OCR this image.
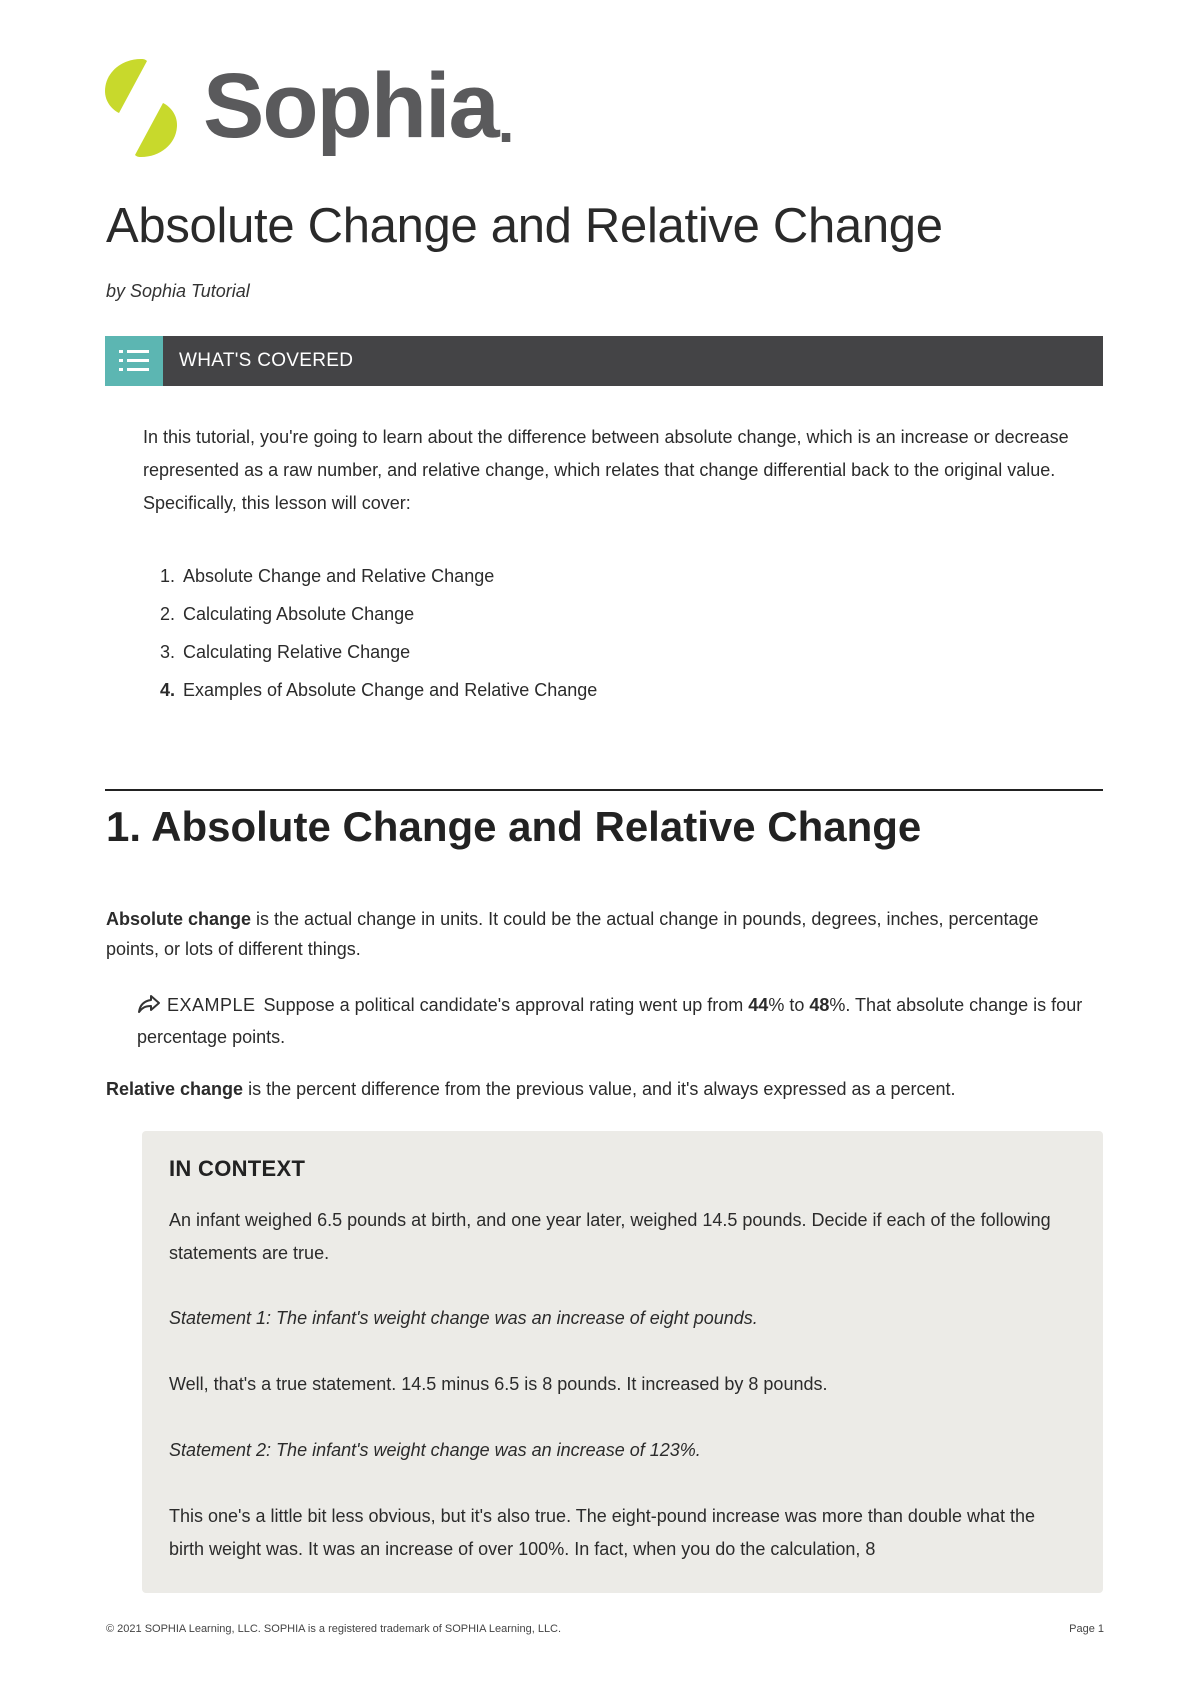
Sophia .
Absolute Change and Relative Change
by Sophia Tutorial
WHAT'S COVERED

In this tutorial, you're going to learn about the difference between absolute change, which is an increase or decrease represented as a raw number, and relative change, which relates that change differential back to the original value. Specifically, this lesson will cover:

1. Absolute Change and Relative Change
2. Calculating Absolute Change
3. Calculating Relative Change
4. Examples of Absolute Change and Relative Change
1. Absolute Change and Relative Change

Absolute change is the actual change in units. It could be the actual change in pounds, degrees, inches, percentage points, or lots of different things.

EXAMPLE Suppose a political candidate's approval rating went up from 44% to 48%. That absolute change is four percentage points.

Relative change is the percent difference from the previous value, and it's always expressed as a percent.

IN CONTEXT

An infant weighed 6.5 pounds at birth, and one year later, weighed 14.5 pounds. Decide if each of the following statements are true.

Statement 1: The infant's weight change was an increase of eight pounds.

Well, that's a true statement. 14.5 minus 6.5 is 8 pounds. It increased by 8 pounds.

Statement 2: The infant's weight change was an increase of 123%.

This one's a little bit less obvious, but it's also true. The eight-pound increase was more than double what the birth weight was. It was an increase of over 100%. In fact, when you do the calculation, 8

© 2021 SOPHIA Learning, LLC. SOPHIA is a registered trademark of SOPHIA Learning, LLC.	Page 1
